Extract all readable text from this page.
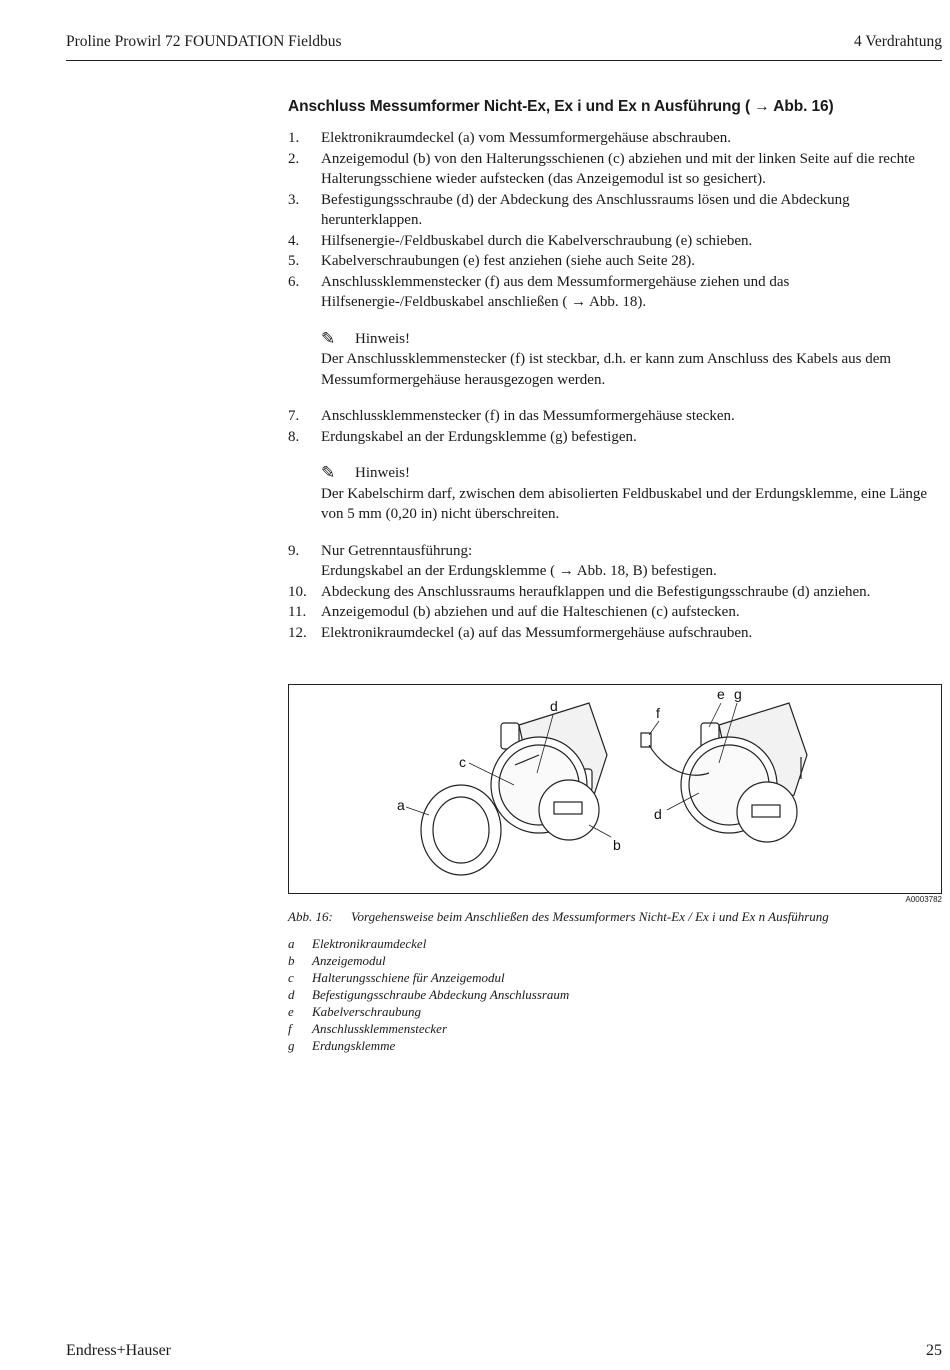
Proline Prowirl 72 FOUNDATION Fieldbus	4 Verdrahtung
Anschluss Messumformer Nicht-Ex, Ex i und Ex n Ausführung ( → Abb. 16)
1.	Elektronikraumdeckel (a) vom Messumformergehäuse abschrauben.
2.	Anzeigemodul (b) von den Halterungsschienen (c) abziehen und mit der linken Seite auf die rechte Halterungsschiene wieder aufstecken (das Anzeigemodul ist so gesichert).
3.	Befestigungsschraube (d) der Abdeckung des Anschlussraums lösen und die Abdeckung herunterklappen.
4.	Hilfsenergie-/Feldbuskabel durch die Kabelverschraubung (e) schieben.
5.	Kabelverschraubungen (e) fest anziehen (siehe auch Seite 28).
6.	Anschlussklemmenstecker (f) aus dem Messumformergehäuse ziehen und das Hilfsenergie-/Feldbuskabel anschließen ( → Abb. 18).
✎	Hinweis!
Der Anschlussklemmenstecker (f) ist steckbar, d.h. er kann zum Anschluss des Kabels aus dem Messumformergehäuse herausgezogen werden.
7.	Anschlussklemmenstecker (f) in das Messumformergehäuse stecken.
8.	Erdungskabel an der Erdungsklemme (g) befestigen.
✎	Hinweis!
Der Kabelschirm darf, zwischen dem abisolierten Feldbuskabel und der Erdungsklemme, eine Länge von 5 mm (0,20 in) nicht überschreiten.
9.	Nur Getrenntausführung:
Erdungskabel an der Erdungsklemme ( → Abb. 18, B) befestigen.
10. Abdeckung des Anschlussraums heraufklappen und die Befestigungsschraube (d) anziehen.
11. Anzeigemodul (b) abziehen und auf die Halteschienen (c) aufstecken.
12. Elektronikraumdeckel (a) auf das Messumformergehäuse aufschrauben.
a
b
c
d
d
e
f
g
A0003782
Abb. 16: Vorgehensweise beim Anschließen des Messumformers Nicht-Ex / Ex i und Ex n Ausführung
a	Elektronikraumdeckel
b	Anzeigemodul
c	Halterungsschiene für Anzeigemodul
d	Befestigungsschraube Abdeckung Anschlussraum
e	Kabelverschraubung
f	Anschlussklemmenstecker
g	Erdungsklemme
Endress+Hauser	25
